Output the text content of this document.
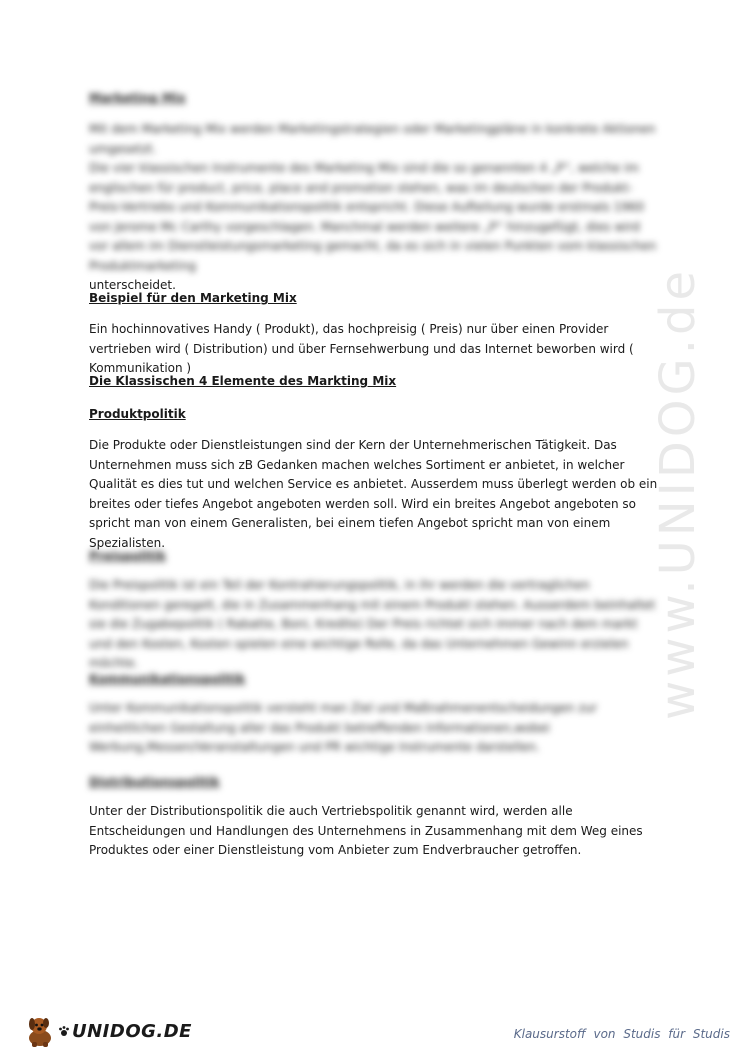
www.UNIDOG.de

Marketing Mix

Mit dem Marketing Mix werden Marketingstrategien oder Marketingpläne in konkrete Aktionen umgesetzt.

Die vier klassischen Instrumente des Marketing Mix sind die so genannten 4 „P“, welche im englischen für product, price, place and promotion stehen, was im deutschen der Produkt-Preis-Vertriebs und Kommunikationspolitik entspricht. Diese Aufteilung wurde erstmals 1960 von Jerome Mc Carthy vorgeschlagen. Manchmal werden weitere „P“ hinzugefügt, dies wird vor allem im Dienstleistungsmarketing gemacht, da es sich in vielen Punkten vom klassischen Produktmarketing

unterscheidet.

Beispiel für den Marketing Mix

Ein hochinnovatives Handy ( Produkt), das hochpreisig ( Preis) nur über einen Provider vertrieben wird ( Distribution) und über Fernsehwerbung und das Internet beworben wird ( Kommunikation )

Die Klassischen 4 Elemente des Markting Mix

Produktpolitik

Die Produkte oder Dienstleistungen sind der Kern der Unternehmerischen Tätigkeit. Das Unternehmen muss sich zB Gedanken machen welches Sortiment er anbietet, in welcher Qualität es dies tut und welchen Service es anbietet. Ausserdem muss überlegt werden ob ein breites oder tiefes Angebot angeboten werden soll. Wird ein breites Angebot angeboten so spricht man von einem Generalisten, bei einem tiefen Angebot spricht man von einem Spezialisten.

Preispolitik

Die Preispolitik ist ein Teil der Kontrahierungspolitik, in ihr werden die vertraglichen Konditionen geregelt, die in Zusammenhang mit einem Produkt stehen. Ausserdem beinhaltet sie die Zugabepolitik ( Rabatte, Boni, Kredite) Der Preis richtet sich immer nach dem markt und den Kosten, Kosten spielen eine wichtige Rolle, da das Unternehmen Gewinn erzielen möchte.

Kommunikationspolitik

Unter Kommunikationspolitik versteht man Ziel und Maßnahmenentscheidungen zur einheitlichen Gestaltung aller das Produkt betreffenden Informationen,wobei Werbung,Messen/Veranstaltungen und PR wichtige Instrumente darstellen.

Distributionspolitik

Unter der Distributionspolitik die auch Vertriebspolitik genannt wird, werden alle Entscheidungen und Handlungen des Unternehmens in Zusammenhang mit dem Weg eines Produktes oder einer Dienstleistung vom Anbieter zum Endverbraucher getroffen.

UNIDOG.DE	Klausurstoff von Studis für Studis
